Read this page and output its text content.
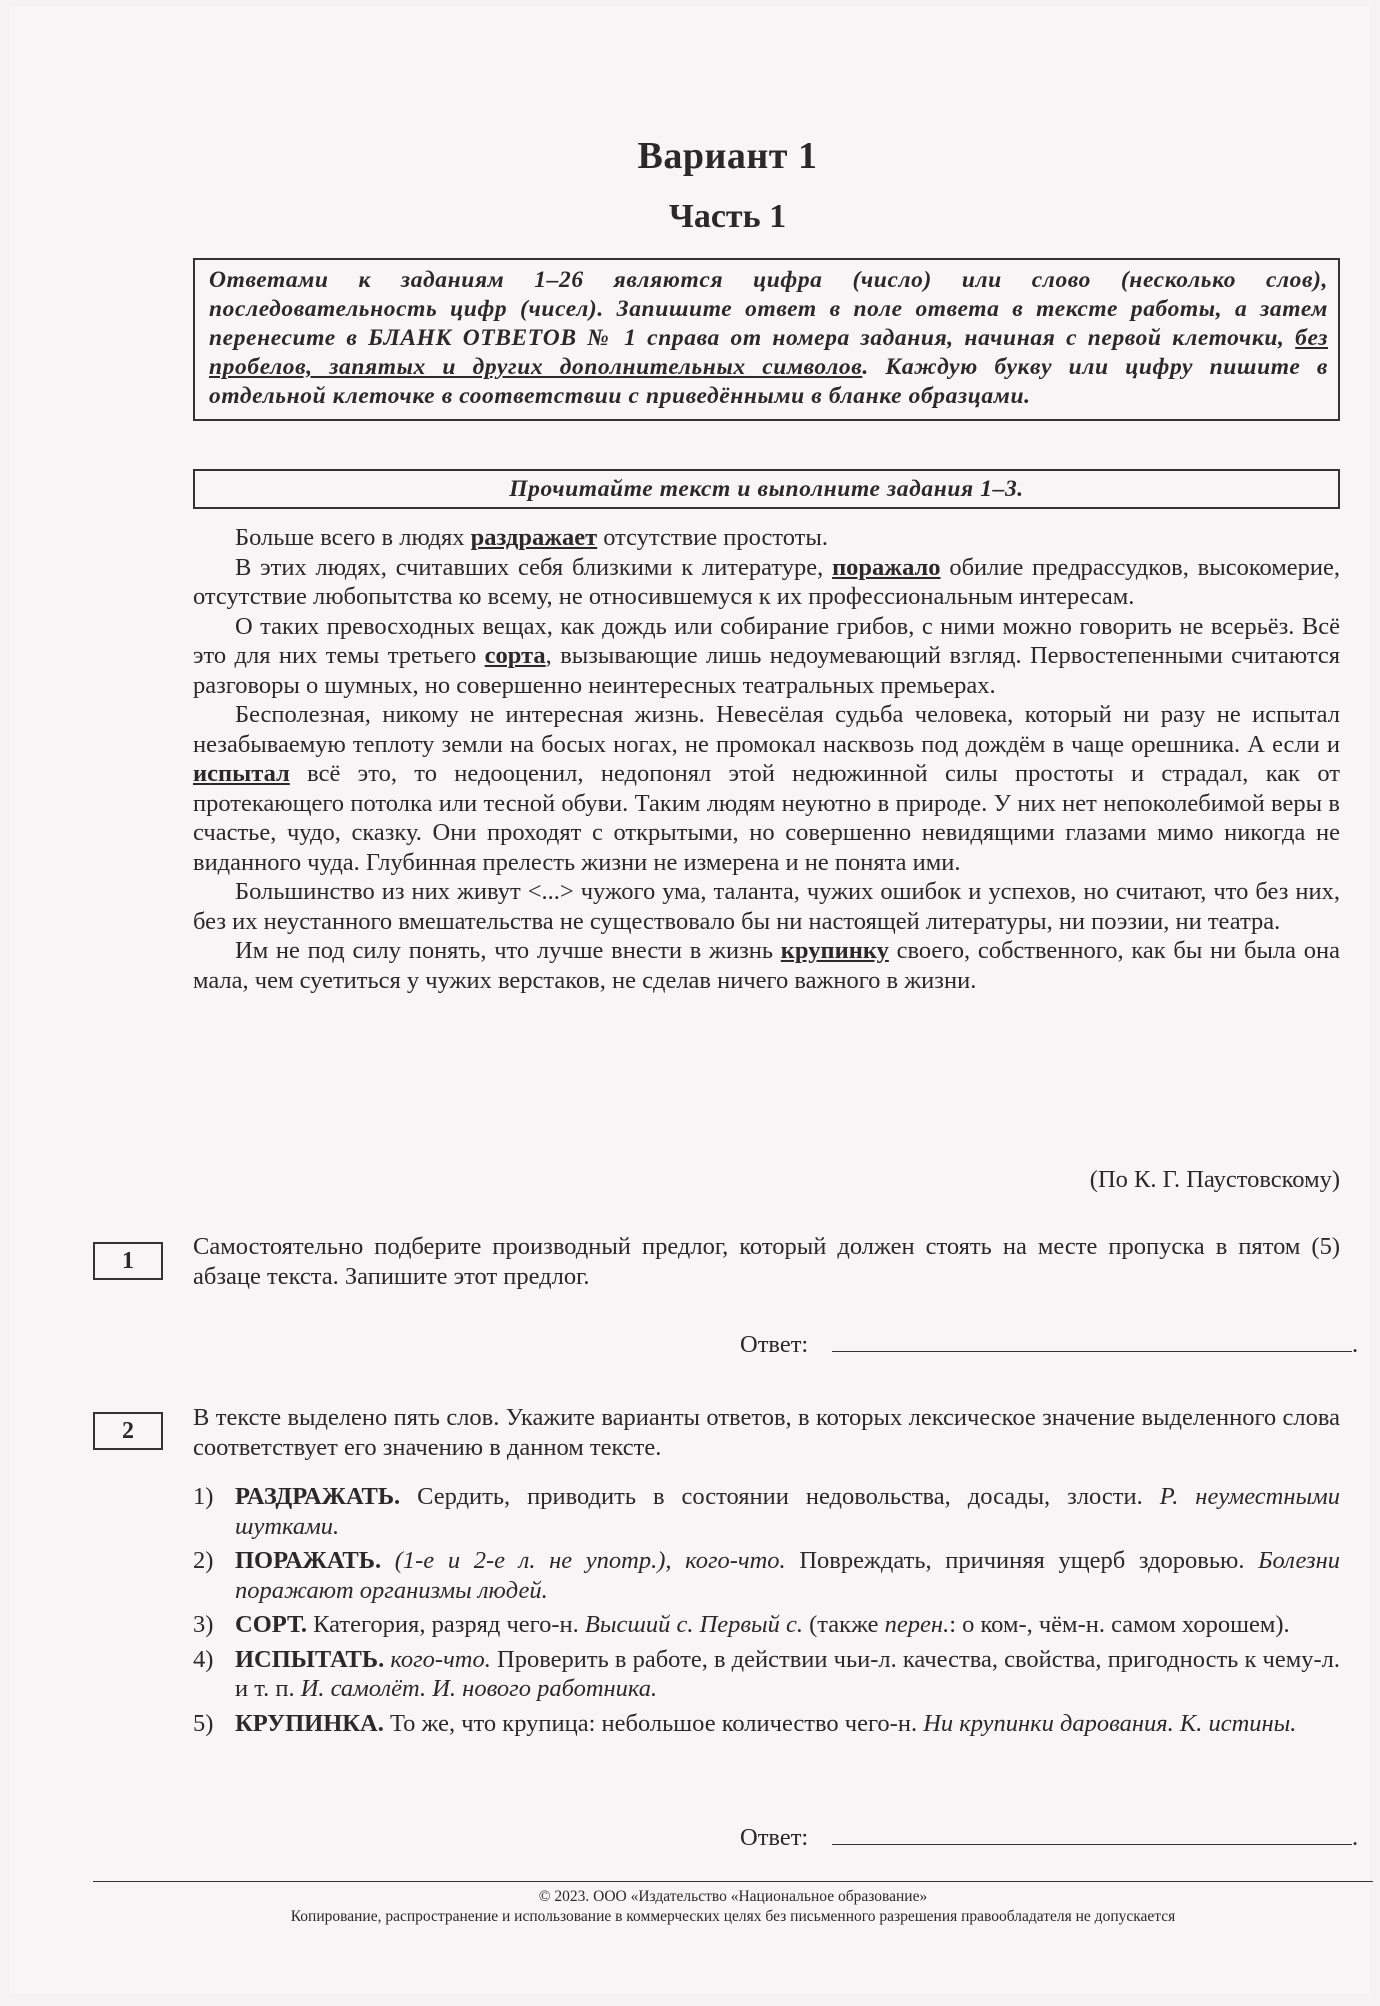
Вариант 1
Часть 1
Ответами к заданиям 1–26 являются цифра (число) или слово (несколько слов), последовательность цифр (чисел). Запишите ответ в поле ответа в тексте работы, а затем перенесите в БЛАНК ОТВЕТОВ № 1 справа от номера задания, начиная с первой клеточки, без пробелов, запятых и других дополнительных символов. Каждую букву или цифру пишите в отдельной клеточке в соответствии с приведёнными в бланке образцами.
Прочитайте текст и выполните задания 1–3.

Больше всего в людях раздражает отсутствие простоты.

В этих людях, считавших себя близкими к литературе, поражало обилие предрассудков, высокомерие, отсутствие любопытства ко всему, не относившемуся к их профессиональным интересам.

О таких превосходных вещах, как дождь или собирание грибов, с ними можно говорить не всерьёз. Всё это для них темы третьего сорта, вызывающие лишь недоумевающий взгляд. Первостепенными считаются разговоры о шумных, но совершенно неинтересных театральных премьерах.

Бесполезная, никому не интересная жизнь. Невесёлая судьба человека, который ни разу не испытал незабываемую теплоту земли на босых ногах, не промокал насквозь под дождём в чаще орешника. А если и испытал всё это, то недооценил, недопонял этой недюжинной силы простоты и страдал, как от протекающего потолка или тесной обуви. Таким людям неуютно в природе. У них нет непоколебимой веры в счастье, чудо, сказку. Они проходят с открытыми, но совершенно невидящими глазами мимо никогда не виданного чуда. Глубинная прелесть жизни не измерена и не понята ими.

Большинство из них живут <...> чужого ума, таланта, чужих ошибок и успехов, но считают, что без них, без их неустанного вмешательства не существовало бы ни настоящей литературы, ни поэзии, ни театра.

Им не под силу понять, что лучше внести в жизнь крупинку своего, собственного, как бы ни была она мала, чем суетиться у чужих верстаков, не сделав ничего важного в жизни.

(По К. Г. Паустовскому)
1
Самостоятельно подберите производный предлог, который должен стоять на месте пропуска в пятом (5) абзаце текста. Запишите этот предлог.
Ответ:	.
2	В тексте выделено пять слов. Укажите варианты ответов, в которых лексическое значение выделенного слова соответствует его значению в данном тексте.
1) РАЗДРАЖАТЬ. Сердить, приводить в состоянии недовольства, досады, злости. Р. неуместными шутками.
2) ПОРАЖАТЬ. (1-е и 2-е л. не употр.), кого-что. Повреждать, причиняя ущерб здоровью. Болезни поражают организмы людей.
3) СОРТ. Категория, разряд чего-н. Высший с. Первый с. (также перен.: о ком-, чём-н. самом хорошем).
4) ИСПЫТАТЬ. кого-что. Проверить в работе, в действии чьи-л. качества, свойства, пригодность к чему-л. и т. п. И. самолёт. И. нового работника.
5) КРУПИНКА. То же, что крупица: небольшое количество чего-н. Ни крупинки дарования. К. истины.
Ответ:	.
© 2023. ООО «Издательство «Национальное образование»
Копирование, распространение и использование в коммерческих целях без письменного разрешения правообладателя не допускается
